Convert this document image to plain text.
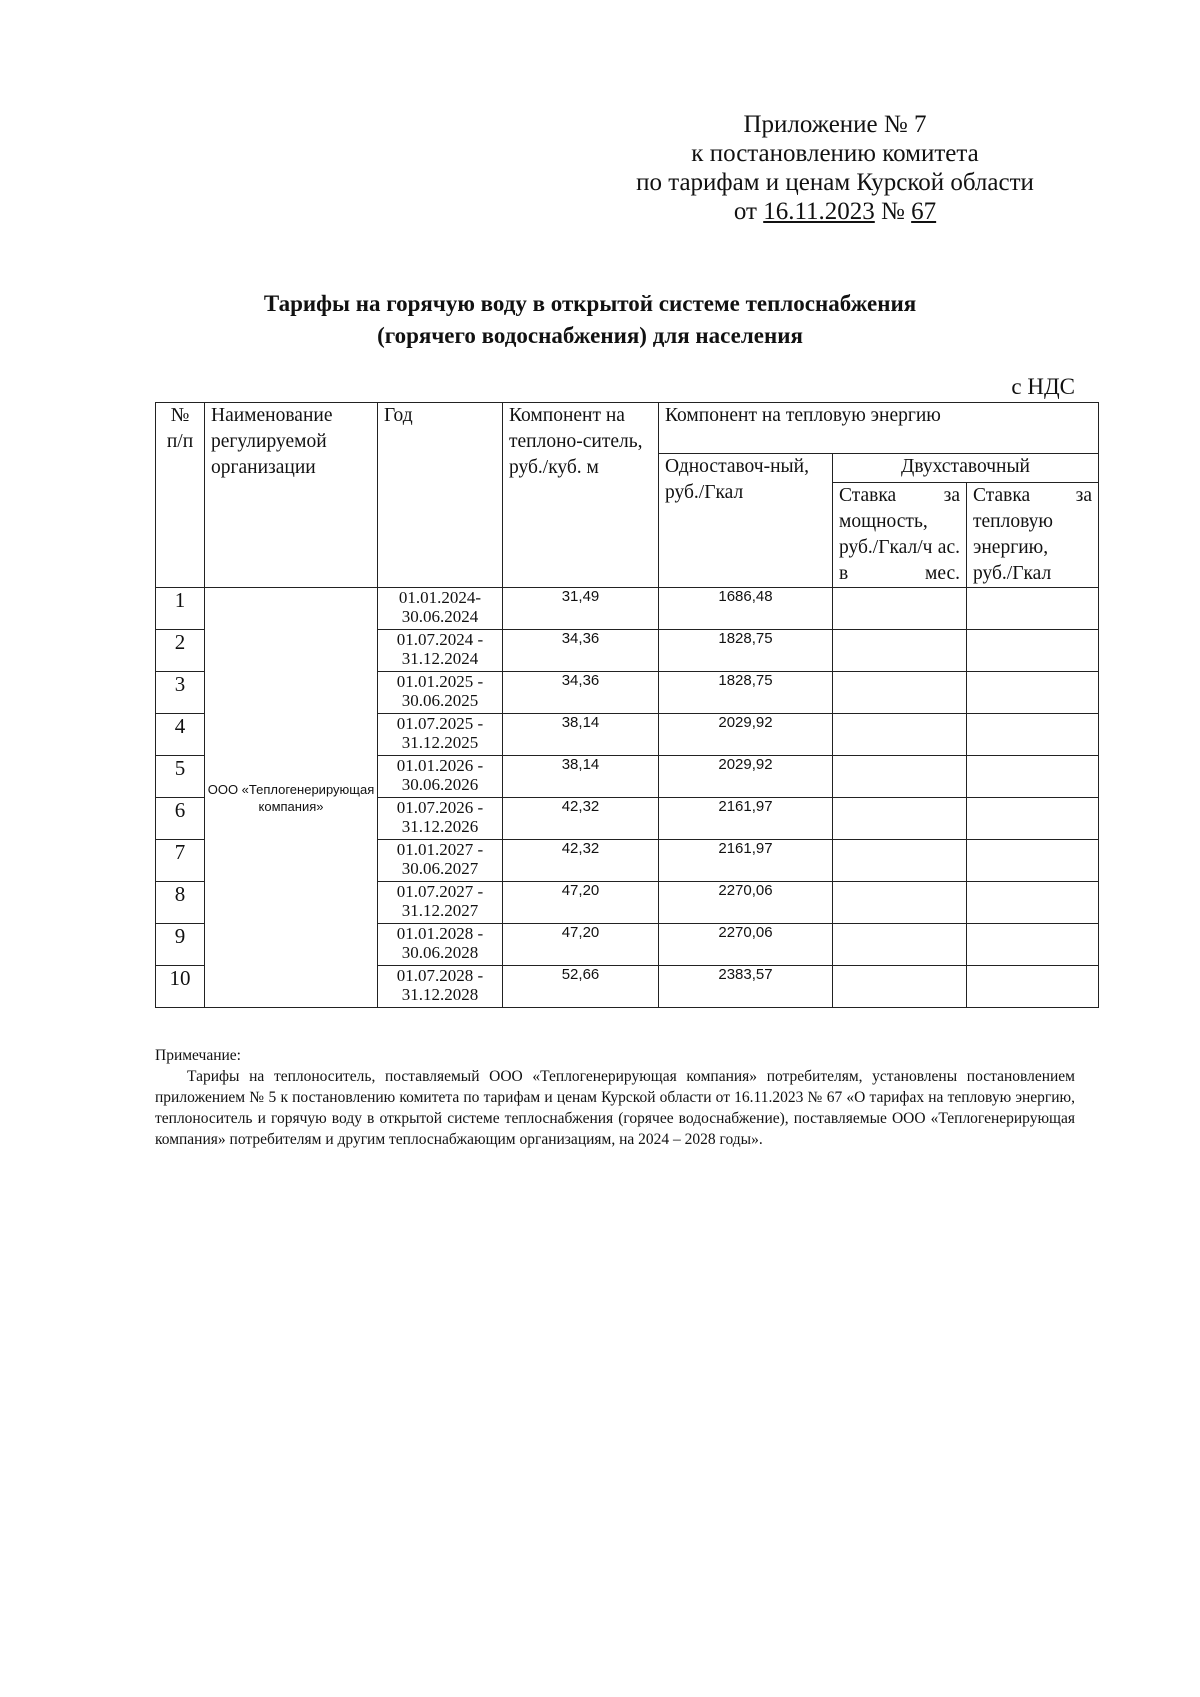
Приложение № 7
к постановлению комитета
по тарифам и ценам Курской области
от 16.11.2023 № 67
Тарифы на горячую воду в открытой системе теплоснабжения
(горячего водоснабжения) для населения
с НДС
№ п/п	Наименование регулируемой организации	Год	Компонент на теплоно-ситель, руб./куб. м	Компонент на тепловую энергию		
				Одноставоч-ный, руб./Гкал	Двухставочный	

					Ставка за мощность, руб./Гкал/ч ас. в мес.	Ставка за тепловую энергию, руб./Гкал

1	ООО «Теплогенерирующая компания»	01.01.2024-30.06.2024	31,49	1686,48		
2		01.07.2024 - 31.12.2024	34,36	1828,75		
3		01.01.2025 - 30.06.2025	34,36	1828,75		
4		01.07.2025 - 31.12.2025	38,14	2029,92		
5		01.01.2026 - 30.06.2026	38,14	2029,92		
6		01.07.2026 - 31.12.2026	42,32	2161,97		
7		01.01.2027 - 30.06.2027	42,32	2161,97		
8		01.07.2027 - 31.12.2027	47,20	2270,06		
9		01.01.2028 - 30.06.2028	47,20	2270,06		
10		01.07.2028 - 31.12.2028	52,66	2383,57		
Примечание:
Тарифы на теплоноситель, поставляемый ООО «Теплогенерирующая компания» потребителям, установлены постановлением приложением № 5 к постановлению комитета по тарифам и ценам Курской области от 16.11.2023 № 67 «О тарифах на тепловую энергию, теплоноситель и горячую воду в открытой системе теплоснабжения (горячее водоснабжение), поставляемые ООО «Теплогенерирующая компания» потребителям и другим теплоснабжающим организациям, на 2024 – 2028 годы».
